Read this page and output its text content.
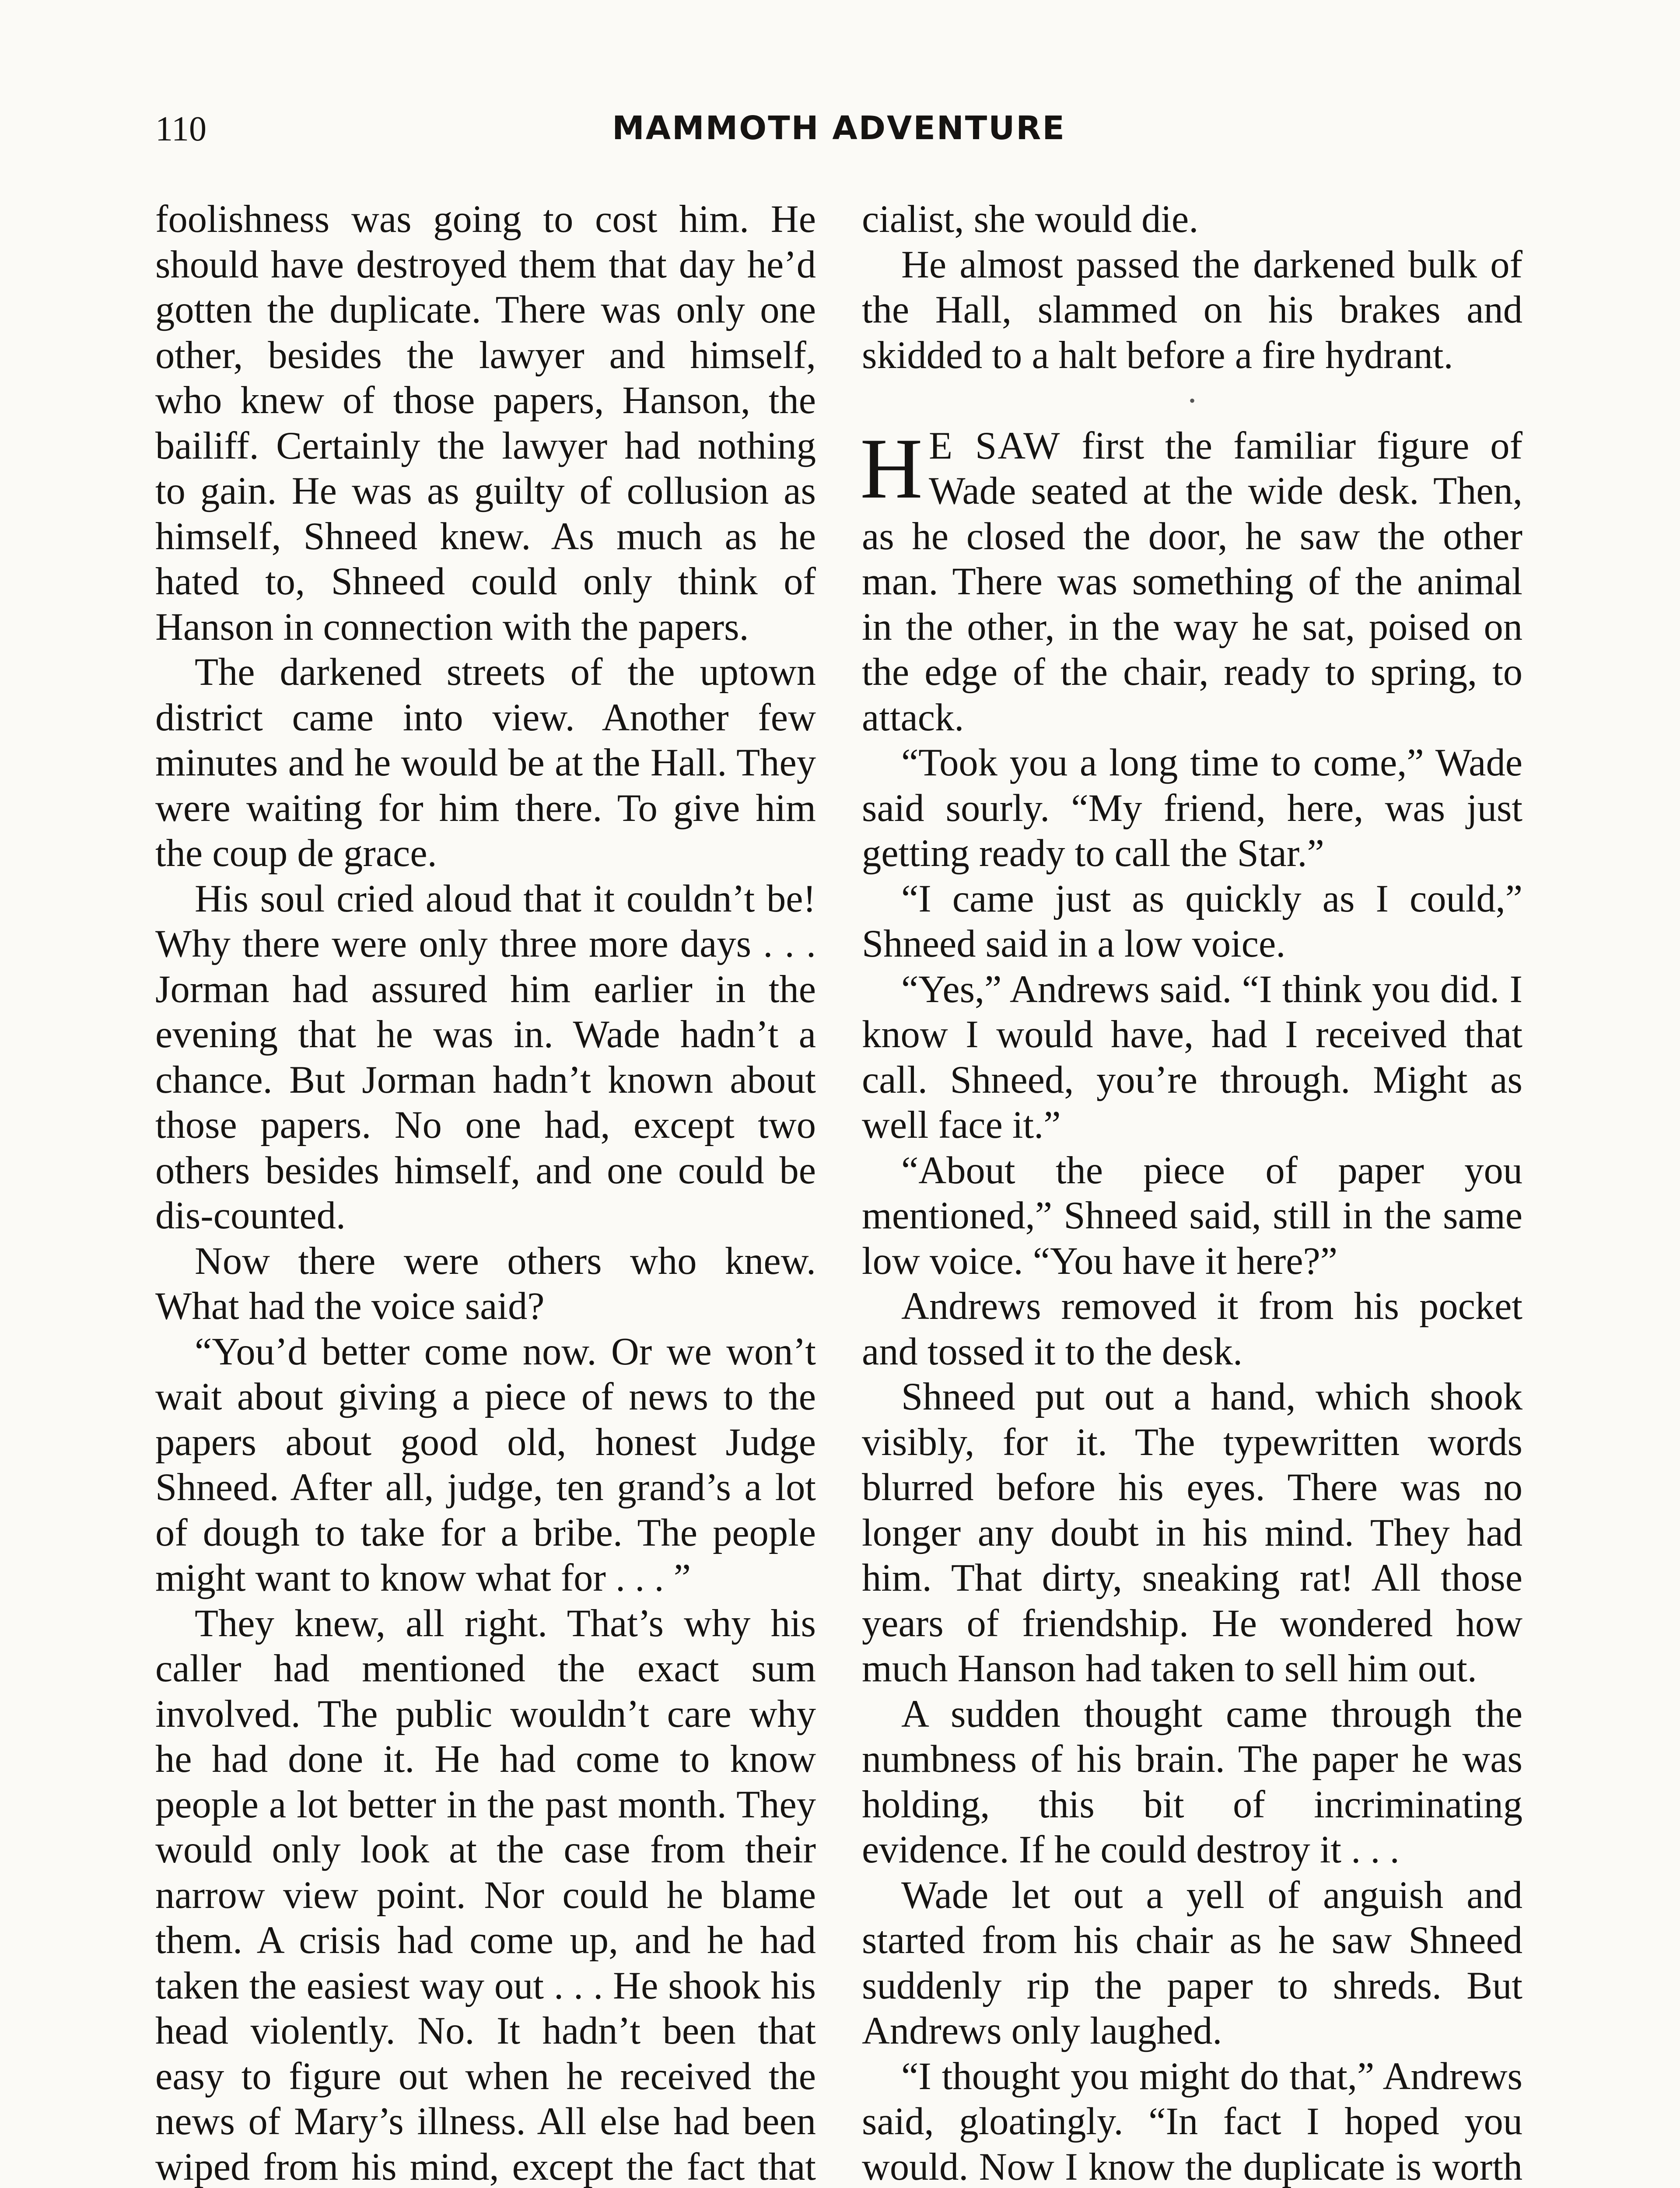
110	MAMMOTH ADVENTURE

foolishness was going to cost him. He should have destroyed them that day he’d gotten the duplicate. There was only one other, besides the lawyer and himself, who knew of those papers, Hanson, the bailiff. Certainly the lawyer had nothing to gain. He was as guilty of collusion as himself, Shneed knew. As much as he hated to, Shneed could only think of Hanson in connection with the papers.

The darkened streets of the uptown district came into view. Another few minutes and he would be at the Hall. They were waiting for him there. To give him the coup de grace.

His soul cried aloud that it couldn’t be! Why there were only three more days . . . Jorman had assured him earlier in the evening that he was in. Wade hadn’t a chance. But Jorman hadn’t known about those papers. No one had, except two others besides himself, and one could be dis-counted.

Now there were others who knew. What had the voice said?

“You’d better come now. Or we won’t wait about giving a piece of news to the papers about good old, honest Judge Shneed. After all, judge, ten grand’s a lot of dough to take for a bribe. The people might want to know what for . . . ”

They knew, all right. That’s why his caller had mentioned the exact sum involved. The public wouldn’t care why he had done it. He had come to know people a lot better in the past month. They would only look at the case from their narrow view point. Nor could he blame them. A crisis had come up, and he had taken the easiest way out . . . He shook his head violently. No. It hadn’t been that easy to figure out when he received the news of Mary’s illness. All else had been wiped from his mind, except the fact that

cialist, she would die.

He almost passed the darkened bulk of the Hall, slammed on his brakes and skidded to a halt before a fire hydrant.

•

H E SAW first the familiar figure of Wade seated at the wide desk. Then, as he closed the door, he saw the other man. There was something of the animal in the other, in the way he sat, poised on the edge of the chair, ready to spring, to attack.

“Took you a long time to come,” Wade said sourly. “My friend, here, was just getting ready to call the Star.”

“I came just as quickly as I could,” Shneed said in a low voice.

“Yes,” Andrews said. “I think you did. I know I would have, had I received that call. Shneed, you’re through. Might as well face it.”

“About the piece of paper you mentioned,” Shneed said, still in the same low voice. “You have it here?”

Andrews removed it from his pocket and tossed it to the desk.

Shneed put out a hand, which shook visibly, for it. The typewritten words blurred before his eyes. There was no longer any doubt in his mind. They had him. That dirty, sneaking rat! All those years of friendship. He wondered how much Hanson had taken to sell him out.

A sudden thought came through the numbness of his brain. The paper he was holding, this bit of incriminating evidence. If he could destroy it . . .

Wade let out a yell of anguish and started from his chair as he saw Shneed suddenly rip the paper to shreds. But Andrews only laughed.

“I thought you might do that,” Andrews said, gloatingly. “In fact I hoped you would. Now I know the duplicate is worth
